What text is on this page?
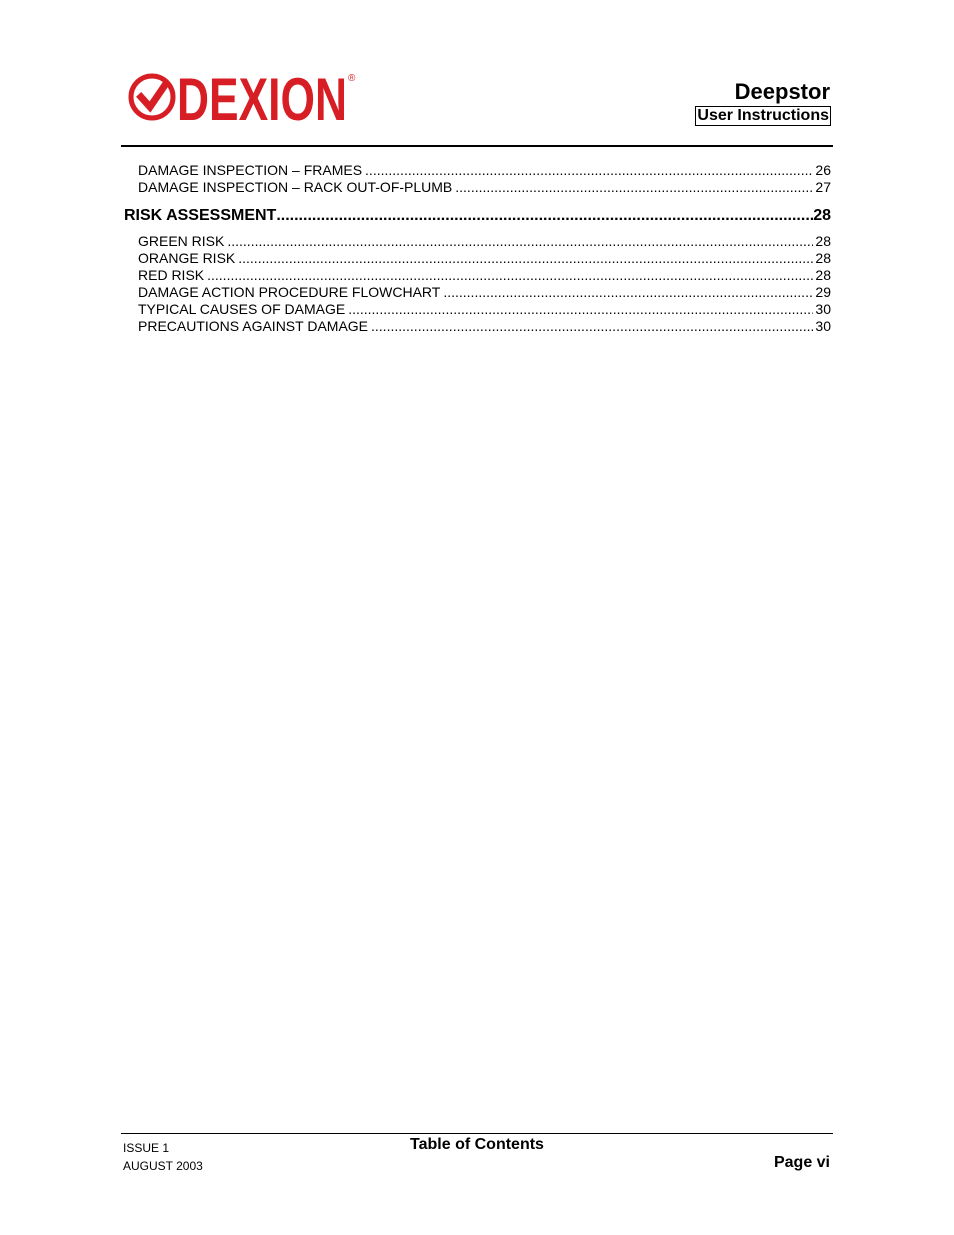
DEXION ®
Deepstor
User Instructions
DAMAGE INSPECTION – FRAMES .....	26
DAMAGE INSPECTION – RACK OUT-OF-PLUMB .....	27
RISK ASSESSMENT .....	28
GREEN RISK .....	28
ORANGE RISK .....	28
RED RISK .....	28
DAMAGE ACTION PROCEDURE FLOWCHART .....	29
TYPICAL CAUSES OF DAMAGE .....	30
PRECAUTIONS AGAINST DAMAGE .....	30
ISSUE 1
AUGUST 2003
Table of Contents
Page vi
